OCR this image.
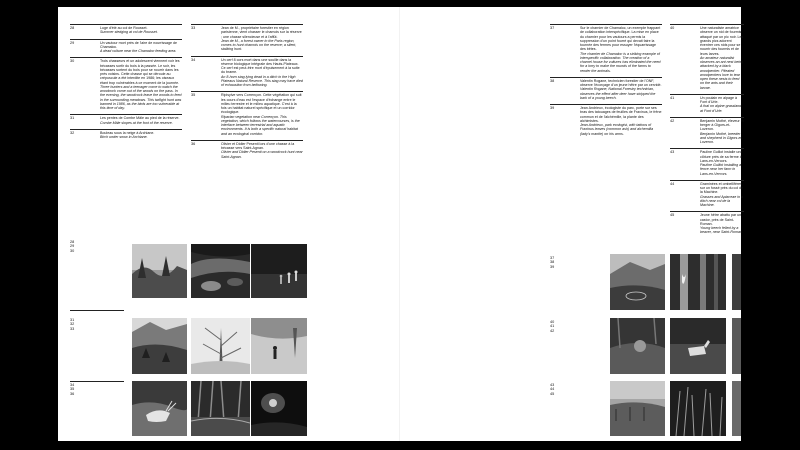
28	Luge d'été au col de Rousset.
Summer sledging at col de Rousset.
29	Un vautour mort près de l'aire de nourrissage de Chamaloc.
A dead vulture near the Chamaloc feeding area.
30	Trois chasseurs et un adolescent viennent voir les bécasses sortir du bois à la passée. Le soir, les bécasses sortent du bois pour se nourrir dans les près voisins. Cette chasse qui se déroule au crépuscule a été interdite en 1986; les oiseaux étant trop vulnérables à ce moment de la journée.
Three hunters and a teenager come to watch the woodcock come out of the woods on the pass. In the evening, the woodcock leave the woods to feed in the surrounding meadows. This twilight hunt was banned in 1986, as the birds are too vulnerable at this time of day.
31	Les pentes de Combe Mâle au pied de la réserve.
Combe Mâle slopes at the foot of the reserve.
32	Bouleau sous la neige à Archiane.
Birch under snow in Archiane.
33	Jean de M., propriétaire forestier en région parisienne, vient chasser le chamois sur la réserve ; une chasse silencieuse et à l'affût.
Jean de M., a forest owner in the Paris region, comes to hunt chamois on the reserve; a silent, stalking hunt.
34	Un cerf 8 cors mort dans une souille dans la réserve biologique intégrale des Hauts-Plateaux. Ce cerf est peut-être mort d'épuisement à la suite du brame.
An 8-horn stag lying dead in a ditch in the High Plateaus Natural Reserve. This stag may have died of exhaustion from bellowing.
35	Ripisylve vers Corrençon. Cette végétation qui suit les cours d'eau est l'espace d'échange entre le milieu terrestre et le milieu aquatique. C'est à la fois un habitat naturel spécifique et un corridor écologique.
Riparian vegetation near Corrençon. This vegetation, which follows the watercourses, is the interface between terrestrial and aquatic environments. It is both a specific natural habitat and an ecological corridor.
36	Olivier et Didier Pesenti lors d'une chasse à la bécasse vers Saint-Agnan.
Olivier and Didier Pesenti on a woodcock hunt near Saint-Agnan.
28
29
30
31
32
33
34
35
36
37	Sur le charnier de Chamaloc, un exemple frappant de collaboration interspécifique. La mise en place du charnier pour les vautours a permis la suppression d'un point fourré qui devait faire la tournée des fermes pour essuyer l'équarrissage des bêtes.
The charnier de Chamaloc is a striking example of interspecific collaboration. The creation of a charnel house for vultures has eliminated the need for a lorry to make the rounds of the farms to render the animals.
38	Valentin Rogane, technicien forestier de l'ONF, observe l'écorçage d'un jeune hêtre par un cervidé.
Valentin Rogane, National Forestry technician, observes the effect after deer have stripped the bark of a young beech.
39	Jean Andrieux, écologiste du parc, porte sur ses bras des tatouages de feuilles de Fraxinus, le frêne commun et de l'alchémille, la plante des alchimistes.
Jean Andrieux, park ecologist, with tattoos of Fraxinus leaves (common ash) and alchemilla (lady's mantle) on his arms.
40	Une naturaliste amatrice observe un nid de fourmis attaqué par un pic noir. Les grands pics adorent éventrer ces nids pour se nourrir des fourmis et de leurs larves.
An amateur naturalist observes an ant nest being attacked by a black woodpecker. Pileated woodpeckers love to tear open these nests to feed on the ants and their larvae.
41	Un poulain en alpage à Font d'Urle.
A foal on alpine grassland at Font d'Urle.
42	Benjamin Mothé, éleveur et berger à Gigors-et-Lozeron.
Benjamin Mothé, breeder and shepherd in Gigors-et-Lozeron.
43	Pauline Guillot installe une clôture près de sa ferme à Lans-en-Vercors.
Pauline Guillot installing a fence near her farm in Lans-en-Vercors.
44	Graminées et ombellifères sur un fossé près du col de la Machine.
Grasses and Apiaceae in a ditch near col de la Machine.
45	Jeune hêtre abattu par un castor, près de Saint-Roman.
Young beech felled by a beaver, near Saint-Roman.
37
38
39
40
41
42
43
44
45
